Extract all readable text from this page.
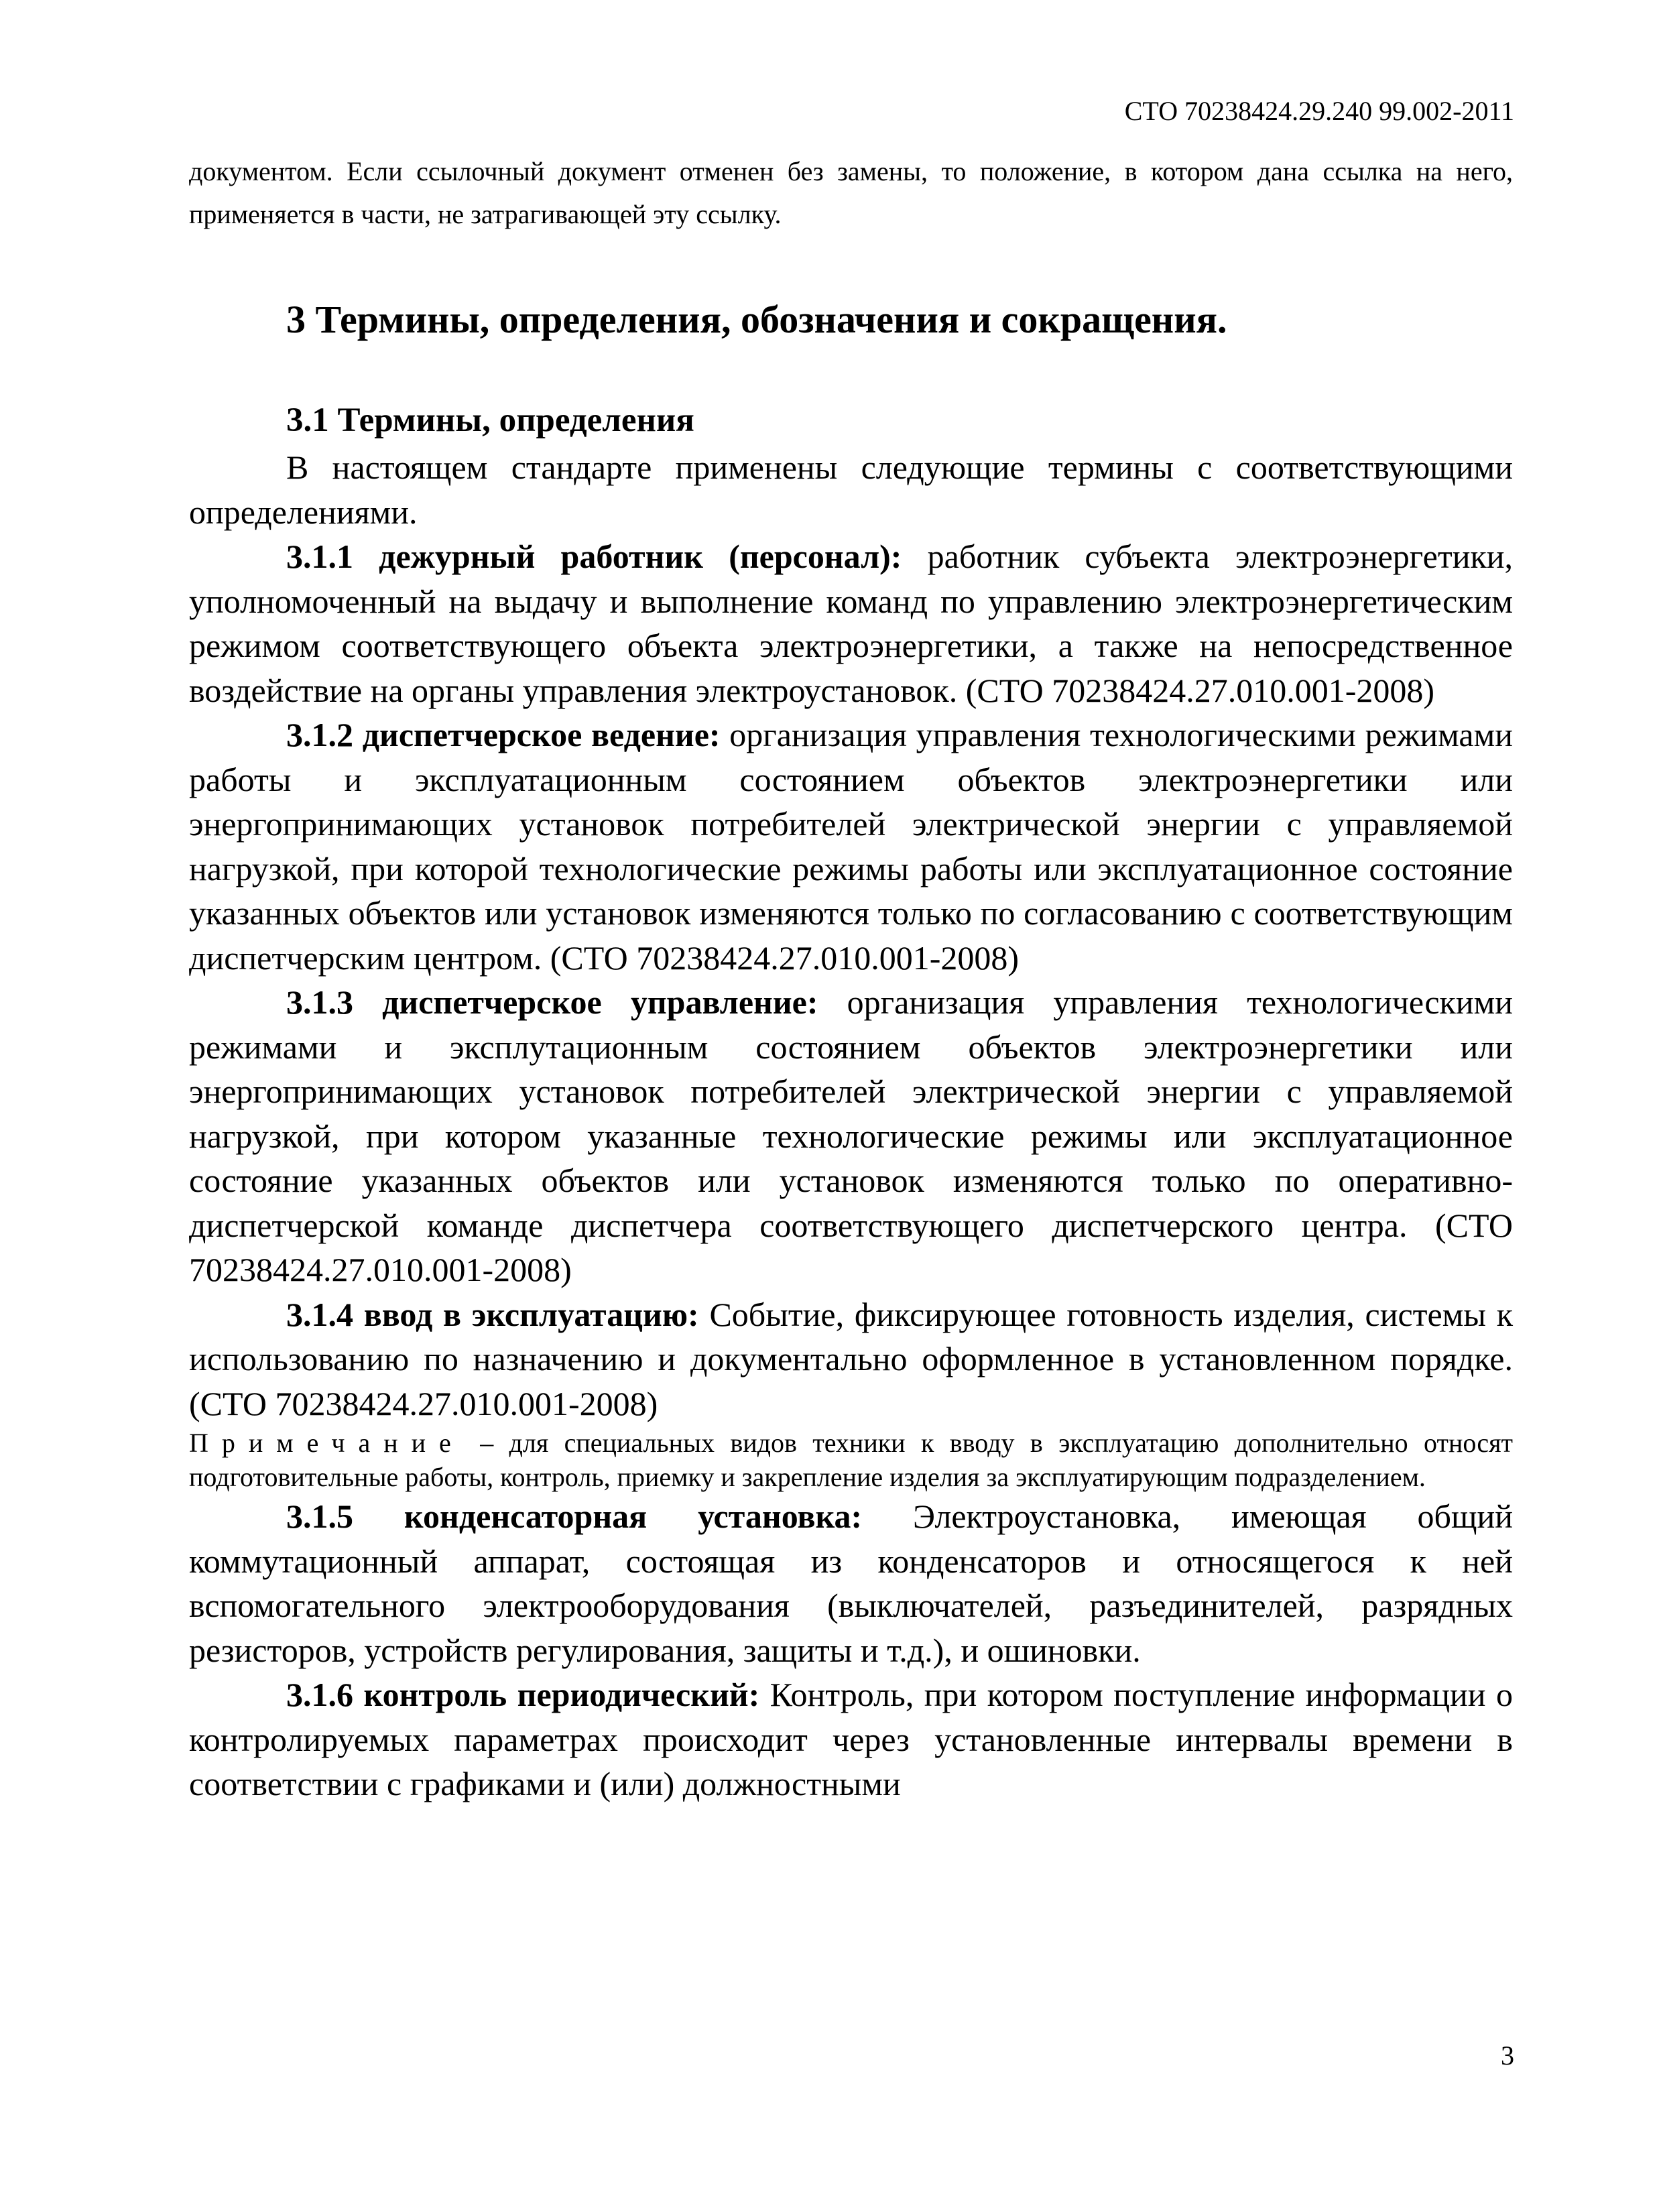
СТО 70238424.29.240 99.002-2011

документом. Если ссылочный документ отменен без замены, то положение, в котором дана ссылка на него, применяется в части, не затрагивающей эту ссылку.

3 Термины, определения, обозначения и сокращения.
3.1 Термины, определения

В настоящем стандарте применены следующие термины с соответствующими определениями.

3.1.1 дежурный работник (персонал): работник субъекта электроэнергетики, уполномоченный на выдачу и выполнение команд по управлению электроэнергетическим режимом соответствующего объекта электроэнергетики, а также на непосредственное воздействие на органы управления электроустановок. (СТО 70238424.27.010.001-2008)

3.1.2 диспетчерское ведение: организация управления технологическими режимами работы и эксплуатационным состоянием объектов электроэнергетики или энергопринимающих установок потребителей электрической энергии с управляемой нагрузкой, при которой технологические режимы работы или эксплуатационное состояние указанных объектов или установок изменяются только по согласованию с соответствующим диспетчерским центром. (СТО 70238424.27.010.001-2008)

3.1.3 диспетчерское управление: организация управления технологическими режимами и эксплутационным состоянием объектов электроэнергетики или энергопринимающих установок потребителей электрической энергии с управляемой нагрузкой, при котором указанные технологические режимы или эксплуатационное состояние указанных объектов или установок изменяются только по оперативно-диспетчерской команде диспетчера соответствующего диспетчерского центра. (СТО 70238424.27.010.001-2008)

3.1.4 ввод в эксплуатацию: Событие, фиксирующее готовность изделия, системы к использованию по назначению и документально оформленное в установленном порядке. (СТО 70238424.27.010.001-2008)

Примечание – для специальных видов техники к вводу в эксплуатацию дополнительно относят подготовительные работы, контроль, приемку и закрепление изделия за эксплуатирующим подразделением.

3.1.5 конденсаторная установка: Электроустановка, имеющая общий коммутационный аппарат, состоящая из конденсаторов и относящегося к ней вспомогательного электрооборудования (выключателей, разъединителей, разрядных резисторов, устройств регулирования, защиты и т.д.), и ошиновки.

3.1.6 контроль периодический: Контроль, при котором поступление информации о контролируемых параметрах происходит через установленные интервалы времени в соответствии с графиками и (или) должностными

3
